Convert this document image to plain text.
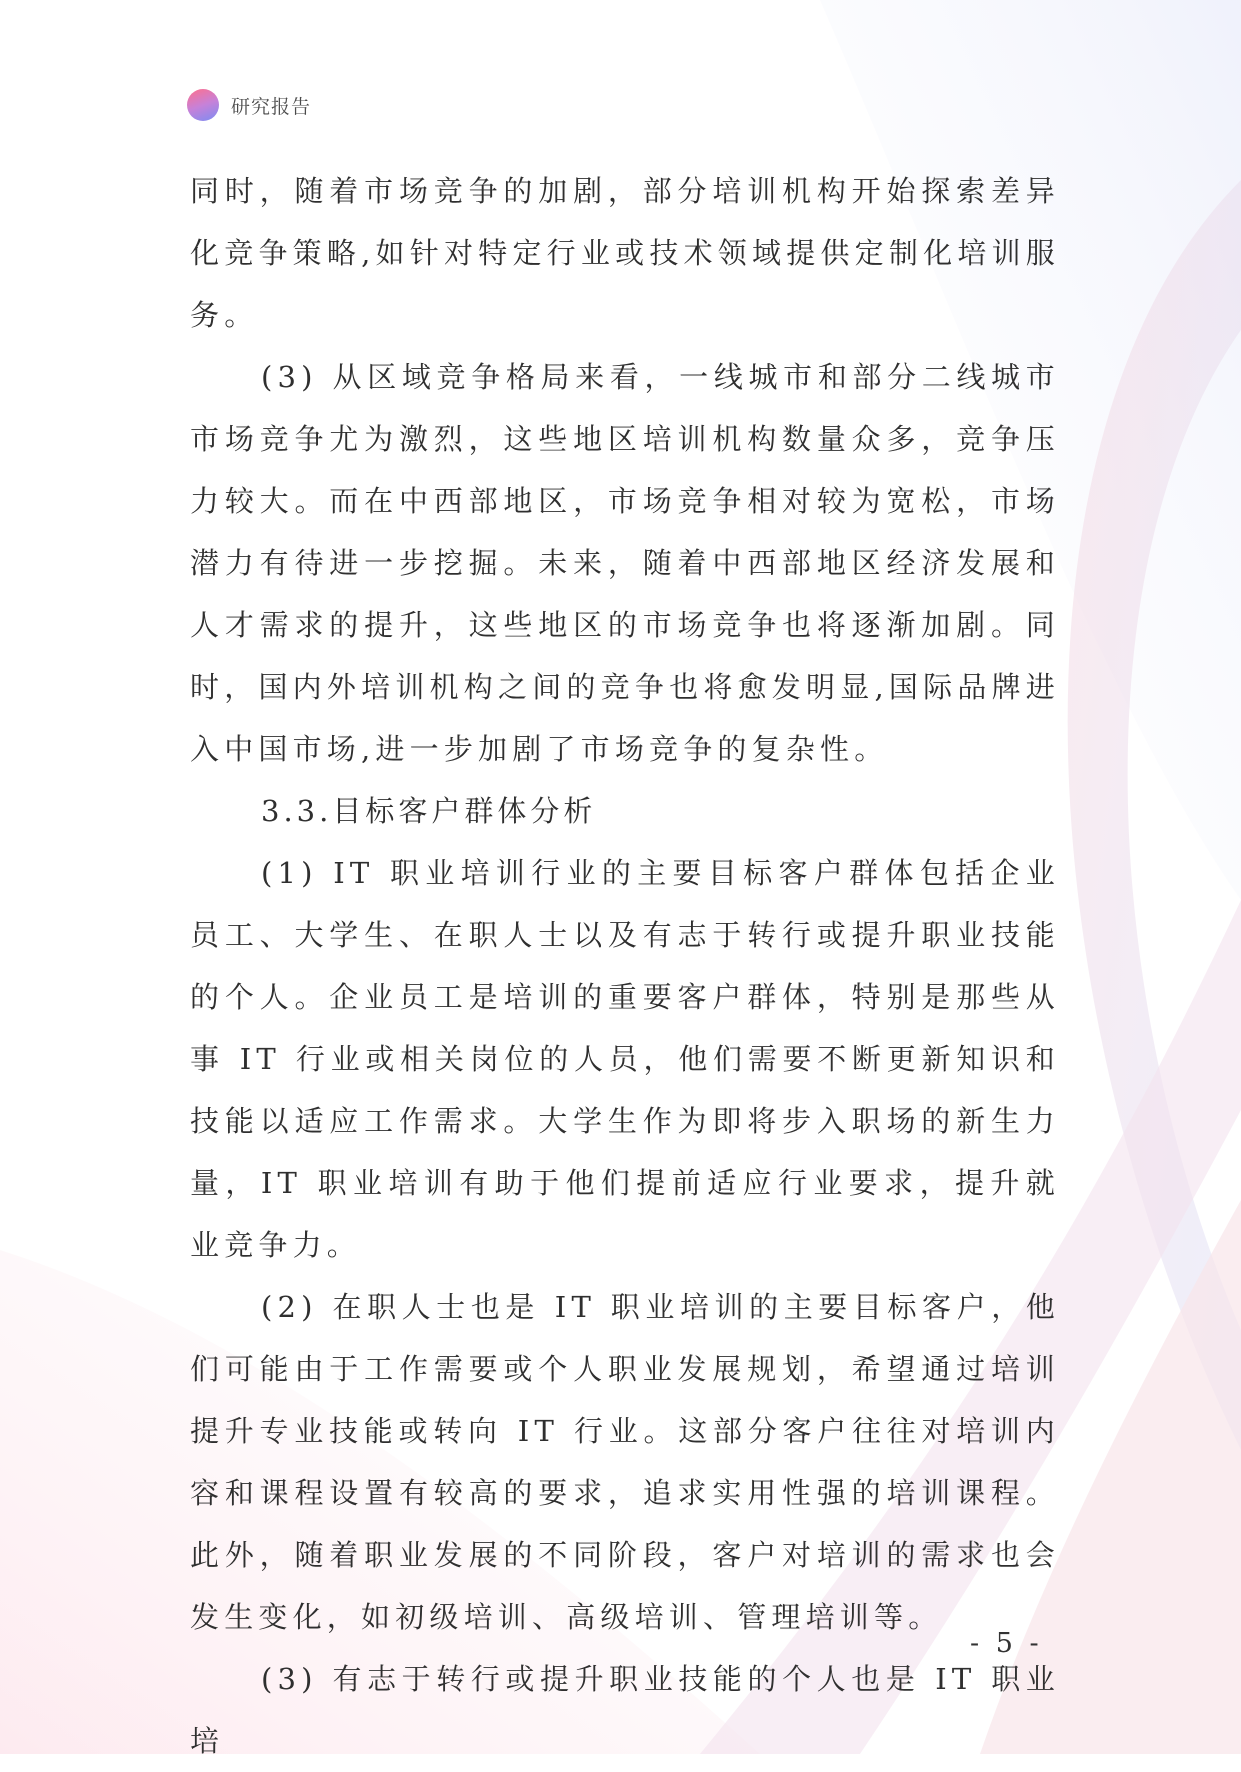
研究报告

同时，随着市场竞争的加剧，部分培训机构开始探索差异化竞争策略,如针对特定行业或技术领域提供定制化培训服务。

(3) 从区域竞争格局来看，一线城市和部分二线城市市场竞争尤为激烈，这些地区培训机构数量众多，竞争压力较大。而在中西部地区，市场竞争相对较为宽松，市场潜力有待进一步挖掘。未来，随着中西部地区经济发展和人才需求的提升，这些地区的市场竞争也将逐渐加剧。同时，国内外培训机构之间的竞争也将愈发明显,国际品牌进入中国市场,进一步加剧了市场竞争的复杂性。

3.3.目标客户群体分析

(1) IT 职业培训行业的主要目标客户群体包括企业员工、大学生、在职人士以及有志于转行或提升职业技能的个人。企业员工是培训的重要客户群体，特别是那些从事 IT 行业或相关岗位的人员，他们需要不断更新知识和技能以适应工作需求。大学生作为即将步入职场的新生力量，IT 职业培训有助于他们提前适应行业要求，提升就业竞争力。

(2) 在职人士也是 IT 职业培训的主要目标客户，他们可能由于工作需要或个人职业发展规划，希望通过培训提升专业技能或转向 IT 行业。这部分客户往往对培训内容和课程设置有较高的要求，追求实用性强的培训课程。此外，随着职业发展的不同阶段，客户对培训的需求也会发生变化，如初级培训、高级培训、管理培训等。

(3) 有志于转行或提升职业技能的个人也是 IT 职业培

- 5 -
